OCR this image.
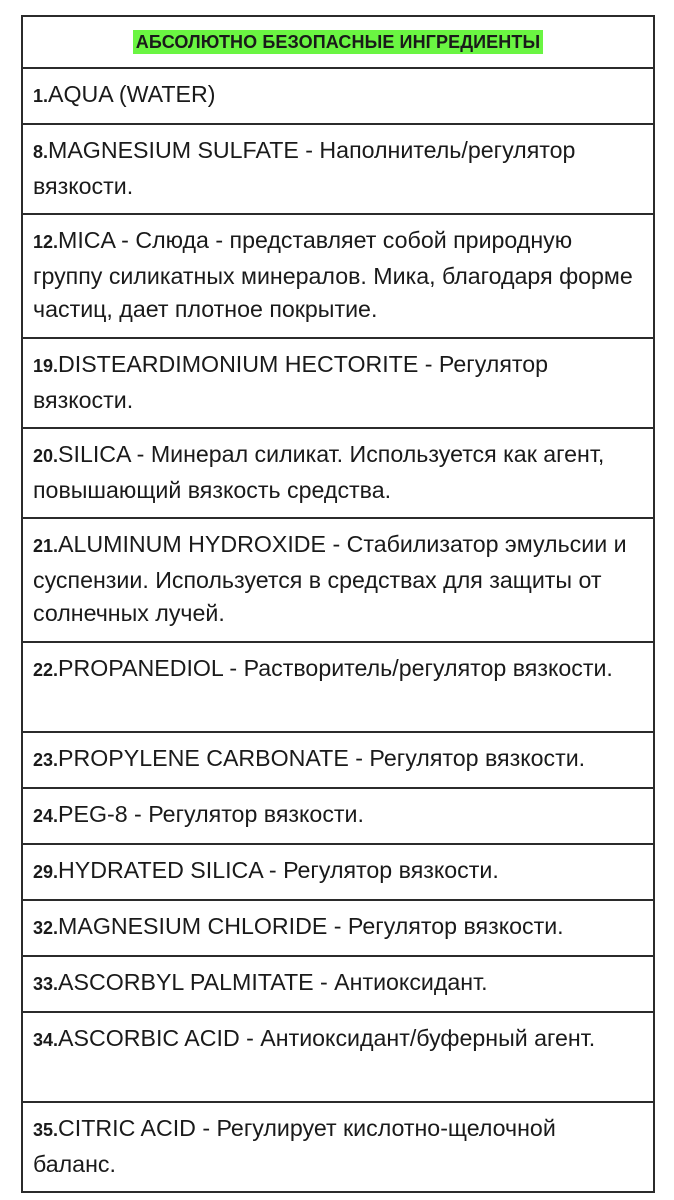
АБСОЛЮТНО БЕЗОПАСНЫЕ ИНГРЕДИЕНТЫ
1.AQUA (WATER)
8.MAGNESIUM SULFATE - Наполнитель/регулятор вязкости.
12.MICA - Слюда - представляет собой природную группу силикатных минералов. Мика, благодаря форме частиц, дает плотное покрытие.
19.DISTEARDIMONIUM HECTORITE - Регулятор вязкости.
20.SILICA - Минерал силикат. Используется как агент, повышающий вязкость средства.
21.ALUMINUM HYDROXIDE - Стабилизатор эмульсии и суспензии. Используется в средствах для защиты от солнечных лучей.
22.PROPANEDIOL - Растворитель/регулятор вязкости.
23.PROPYLENE CARBONATE - Регулятор вязкости.
24.PEG-8 - Регулятор вязкости.
29.HYDRATED SILICA - Регулятор вязкости.
32.MAGNESIUM CHLORIDE - Регулятор вязкости.
33.ASCORBYL PALMITATE - Антиоксидант.
34.ASCORBIC ACID - Антиоксидант/буферный агент.
35.CITRIC ACID - Регулирует кислотно-щелочной баланс.
